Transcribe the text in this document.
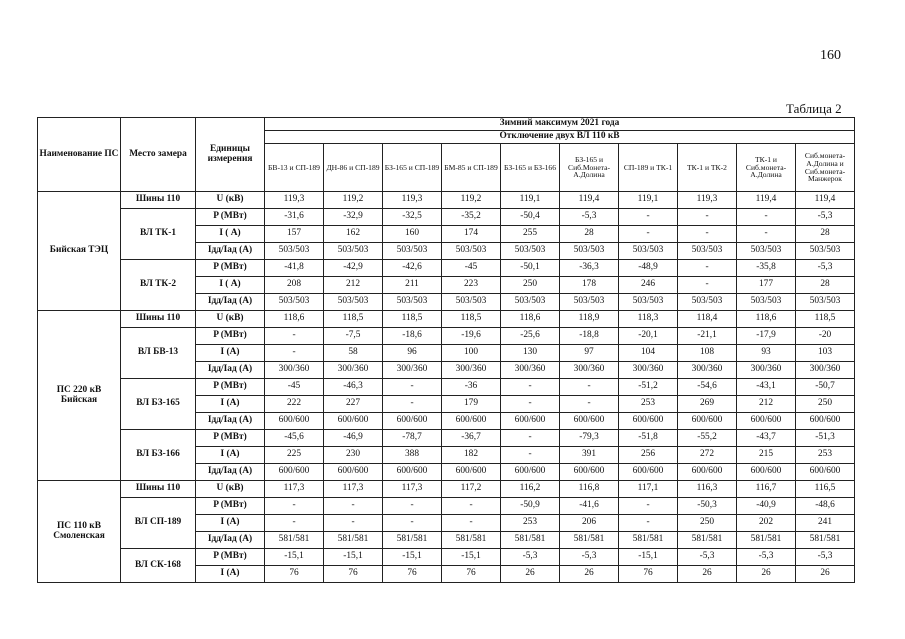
160
Таблица 2
Наименование ПС	Место замера	Единицы измерения	Зимний максимум 2021 года									
			Отключение двух ВЛ 110 кВ									
			БВ-13 и СП-189	ДН-86 и СП-189	БЗ-165 и СП-189	БМ-85 и СП-189	БЗ-165 и БЗ-166	БЗ-165 и Сиб.Монета-А.Долина	СП-189 и ТК-1	ТК-1 и ТК-2	ТК-1 и Сиб.монета-А.Долина	Сиб.монета-А.Долина и Сиб.монета-Манжерок
Бийская ТЭЦ	Шины 110	U (кВ)	119,3	119,2	119,3	119,2	119,1	119,4	119,1	119,3	119,4	119,4
	ВЛ ТК-1	P (МВт)	-31,6	-32,9	-32,5	-35,2	-50,4	-5,3	-	-	-	-5,3
		I ( А)	157	162	160	174	255	28	-	-	-	28
		Iдд/Iад (А)	503/503	503/503	503/503	503/503	503/503	503/503	503/503	503/503	503/503	503/503
	ВЛ ТК-2	P (МВт)	-41,8	-42,9	-42,6	-45	-50,1	-36,3	-48,9	-	-35,8	-5,3
		I ( А)	208	212	211	223	250	178	246	-	177	28
		Iдд/Iад (А)	503/503	503/503	503/503	503/503	503/503	503/503	503/503	503/503	503/503	503/503
ПС 220 кВ Бийская	Шины 110	U (кВ)	118,6	118,5	118,5	118,5	118,6	118,9	118,3	118,4	118,6	118,5
	ВЛ БВ-13	P (МВт)	-	-7,5	-18,6	-19,6	-25,6	-18,8	-20,1	-21,1	-17,9	-20
		I (А)	-	58	96	100	130	97	104	108	93	103
		Iдд/Iад (А)	300/360	300/360	300/360	300/360	300/360	300/360	300/360	300/360	300/360	300/360
	ВЛ БЗ-165	P (МВт)	-45	-46,3	-	-36	-	-	-51,2	-54,6	-43,1	-50,7
		I (А)	222	227	-	179	-	-	253	269	212	250
		Iдд/Iад (А)	600/600	600/600	600/600	600/600	600/600	600/600	600/600	600/600	600/600	600/600
	ВЛ БЗ-166	P (МВт)	-45,6	-46,9	-78,7	-36,7	-	-79,3	-51,8	-55,2	-43,7	-51,3
		I (А)	225	230	388	182	-	391	256	272	215	253
		Iдд/Iад (А)	600/600	600/600	600/600	600/600	600/600	600/600	600/600	600/600	600/600	600/600
ПС 110 кВ Смоленская	Шины 110	U (кВ)	117,3	117,3	117,3	117,2	116,2	116,8	117,1	116,3	116,7	116,5
	ВЛ СП-189	P (МВт)	-	-	-	-	-50,9	-41,6	-	-50,3	-40,9	-48,6
		I (А)	-	-	-	-	253	206	-	250	202	241
		Iдд/Iад (А)	581/581	581/581	581/581	581/581	581/581	581/581	581/581	581/581	581/581	581/581
	ВЛ СК-168	P (МВт)	-15,1	-15,1	-15,1	-15,1	-5,3	-5,3	-15,1	-5,3	-5,3	-5,3
		I (А)	76	76	76	76	26	26	76	26	26	26
